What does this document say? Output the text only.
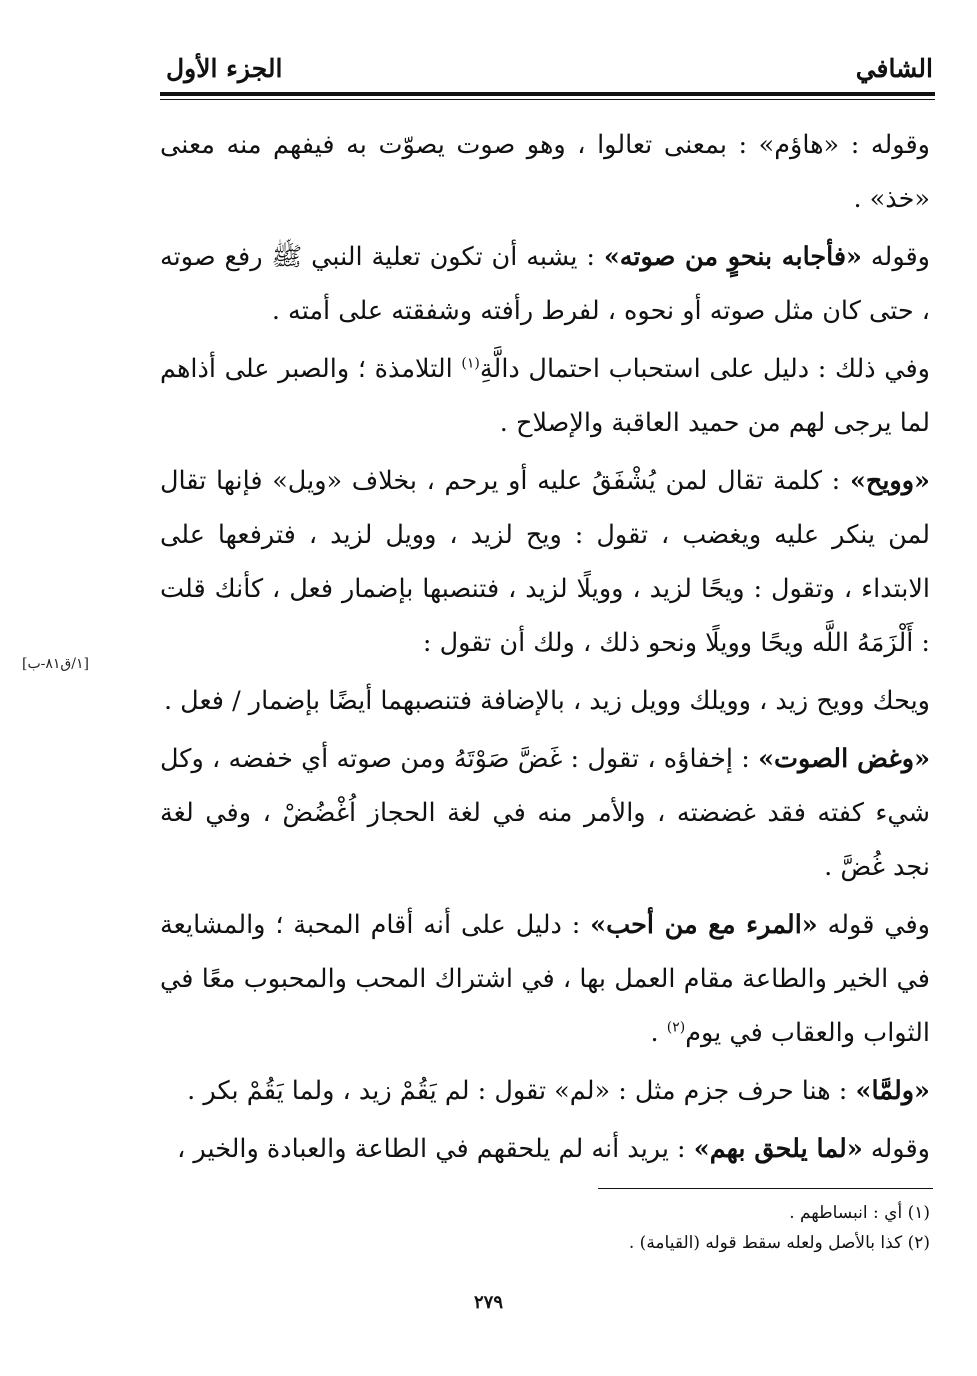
الشافي
الجزء الأول

وقوله : «هاؤم» : بمعنى تعالوا ، وهو صوت يصوّت به فيفهم منه معنى «خذ» .

وقوله «فأجابه بنحوٍ من صوته» : يشبه أن تكون تعلية النبي ﷺ رفع صوته ، حتى كان مثل صوته أو نحوه ، لفرط رأفته وشفقته على أمته .

وفي ذلك : دليل على استحباب احتمال دالَّةِ$^{(١)}$ التلامذة ؛ والصبر على أذاهم لما يرجى لهم من حميد العاقبة والإصلاح .

«وويح» : كلمة تقال لمن يُشْفَقُ عليه أو يرحم ، بخلاف «ويل» فإنها تقال لمن ينكر عليه ويغضب ، تقول : ويح لزيد ، وويل لزيد ، فترفعها على الابتداء ، وتقول : ويحًا لزيد ، وويلًا لزيد ، فتنصبها بإضمار فعل ، كأنك قلت : أَلْزَمَهُ اللَّه ويحًا وويلًا ونحو ذلك ، ولك أن تقول :

ويحك وويح زيد ، وويلك وويل زيد ، بالإضافة فتنصبهما أيضًا بإضمار / فعل .

«وغض الصوت» : إخفاؤه ، تقول : غَضَّ صَوْتَهُ ومن صوته أي خفضه ، وكل شيء كفته فقد غضضته ، والأمر منه في لغة الحجاز اُغْضُضْ ، وفي لغة نجد غُضَّ .

وفي قوله «المرء مع من أحب» : دليل على أنه أقام المحبة ؛ والمشايعة في الخير والطاعة مقام العمل بها ، في اشتراك المحب والمحبوب معًا في الثواب والعقاب في يوم$^{(٢)}$ .

«ولمَّا» : هنا حرف جزم مثل : «لم» تقول : لم يَقُمْ زيد ، ولما يَقُمْ بكر .

وقوله «لما يلحق بهم» : يريد أنه لم يلحقهم في الطاعة والعبادة والخير ،

[١/ق٨١-ب]
(١) أي : انبساطهم .
(٢) كذا بالأصل ولعله سقط قوله (القيامة) .
٢٧٩
